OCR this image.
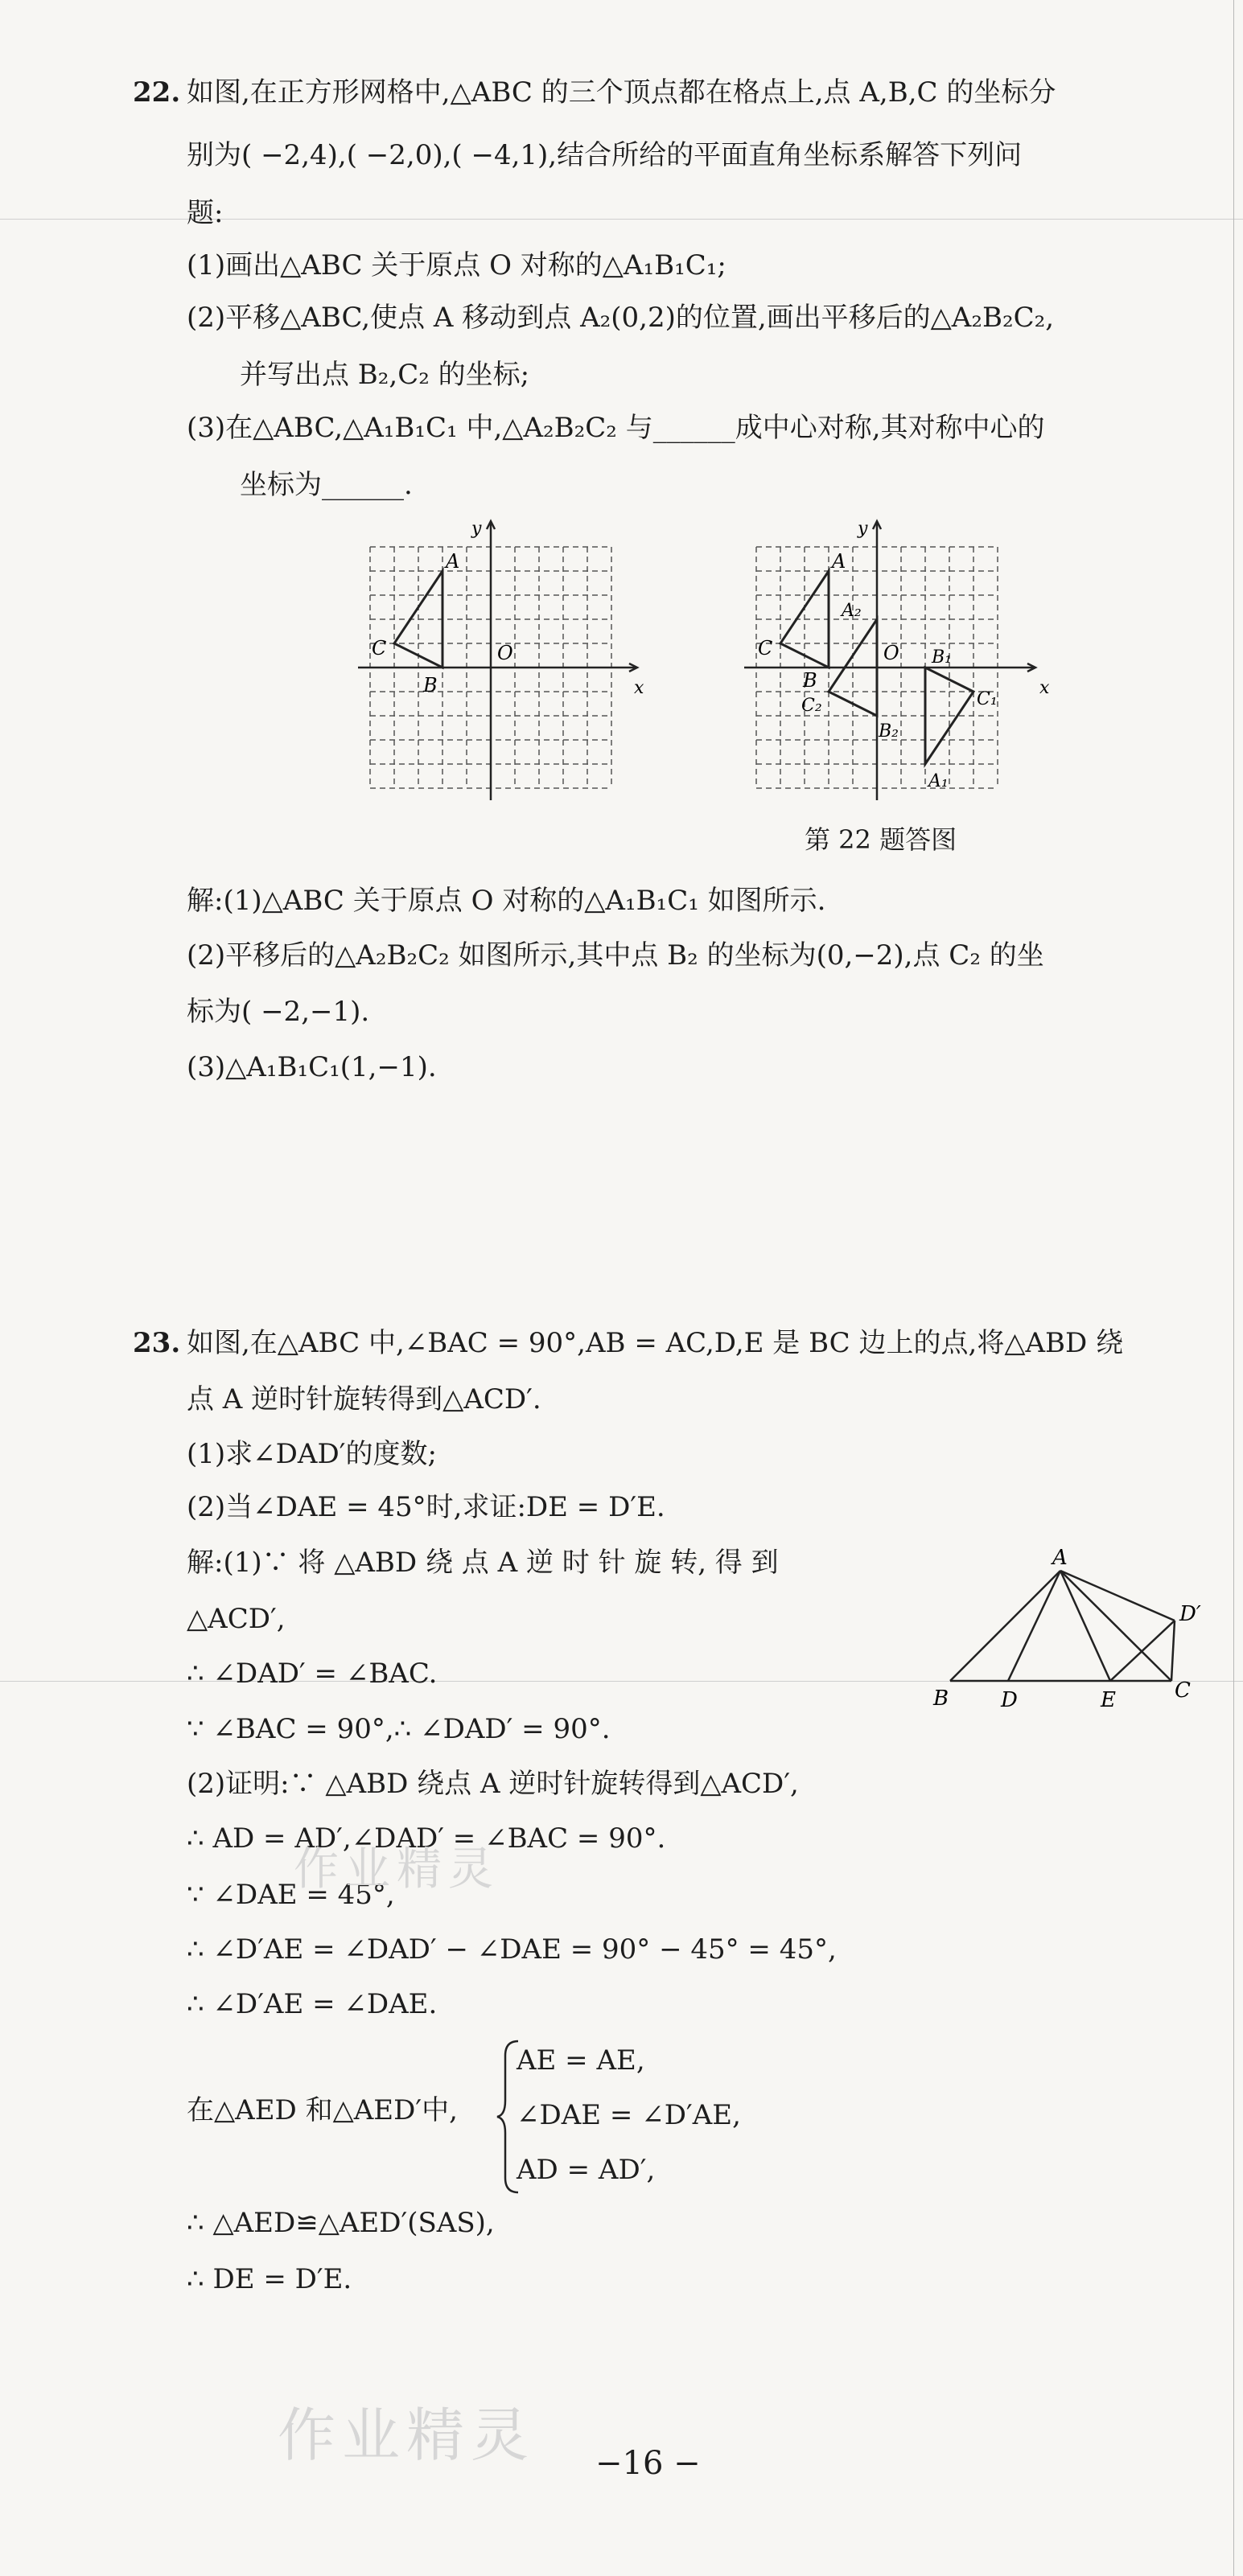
22. 如图,在正方形网格中,△ABC 的三个顶点都在格点上,点 A,B,C 的坐标分
别为( −2,4),( −2,0),( −4,1),结合所给的平面直角坐标系解答下列问
题:
(1)画出△ABC 关于原点 O 对称的△A₁B₁C₁;
(2)平移△ABC,使点 A 移动到点 A₂(0,2)的位置,画出平移后的△A₂B₂C₂,
并写出点 B₂,C₂ 的坐标;
(3)在△ABC,△A₁B₁C₁ 中,△A₂B₂C₂ 与______成中心对称,其对称中心的
坐标为______.
x
y
O
A
B
C
x
y
O
A
B
C	B₁
C₁
A₁
A₂
B₂
C₂
第 22 题答图
解:(1)△ABC 关于原点 O 对称的△A₁B₁C₁ 如图所示.
(2)平移后的△A₂B₂C₂ 如图所示,其中点 B₂ 的坐标为(0,−2),点 C₂ 的坐
标为( −2,−1).
(3)△A₁B₁C₁(1,−1).
23. 如图,在△ABC 中,∠BAC = 90°,AB = AC,D,E 是 BC 边上的点,将△ABD 绕
点 A 逆时针旋转得到△ACD′.
(1)求∠DAD′的度数;
(2)当∠DAE = 45°时,求证:DE = D′E.
解:(1)∵ 将 △ABD 绕 点 A 逆 时 针 旋 转, 得 到
△ACD′,
∴ ∠DAD′ = ∠BAC.
∵ ∠BAC = 90°,∴ ∠DAD′ = 90°.
(2)证明:∵ △ABD 绕点 A 逆时针旋转得到△ACD′,
∴ AD = AD′,∠DAD′ = ∠BAC = 90°.
∵ ∠DAE = 45°,
∴ ∠D′AE = ∠DAD′ − ∠DAE = 90° − 45° = 45°,
∴ ∠D′AE = ∠DAE.
在△AED 和△AED′中,
AE = AE,
∠DAE = ∠D′AE,
AD = AD′,
∴ △AED≌△AED′(SAS),
∴ DE = D′E.
A
B D	E	C
D′
作业精灵
作业精灵 −16 −
